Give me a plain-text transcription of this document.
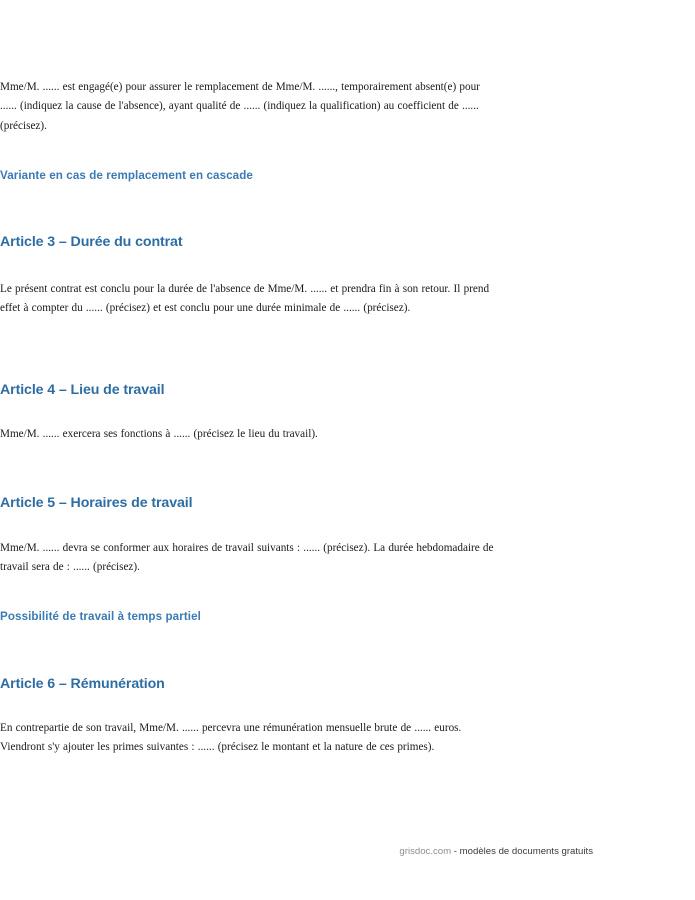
Mme/M. ...... est engagé(e) pour assurer le remplacement de Mme/M. ......, temporairement absent(e) pour ...... (indiquez la cause de l'absence), ayant qualité de ...... (indiquez la qualification) au coefficient de ...... (précisez).

Variante en cas de remplacement en cascade

Article 3 – Durée du contrat

Le présent contrat est conclu pour la durée de l'absence de Mme/M. ...... et prendra fin à son retour. Il prend effet à compter du ...... (précisez) et est conclu pour une durée minimale de ...... (précisez).

Article 4 – Lieu de travail

Mme/M. ...... exercera ses fonctions à ...... (précisez le lieu du travail).

Article 5 – Horaires de travail

Mme/M. ...... devra se conformer aux horaires de travail suivants : ...... (précisez). La durée hebdomadaire de travail sera de : ...... (précisez).

Possibilité de travail à temps partiel

Article 6 – Rémunération

En contrepartie de son travail, Mme/M. ...... percevra une rémunération mensuelle brute de ...... euros. Viendront s'y ajouter les primes suivantes : ...... (précisez le montant et la nature de ces primes).

grisdoc.com - modèles de documents gratuits
